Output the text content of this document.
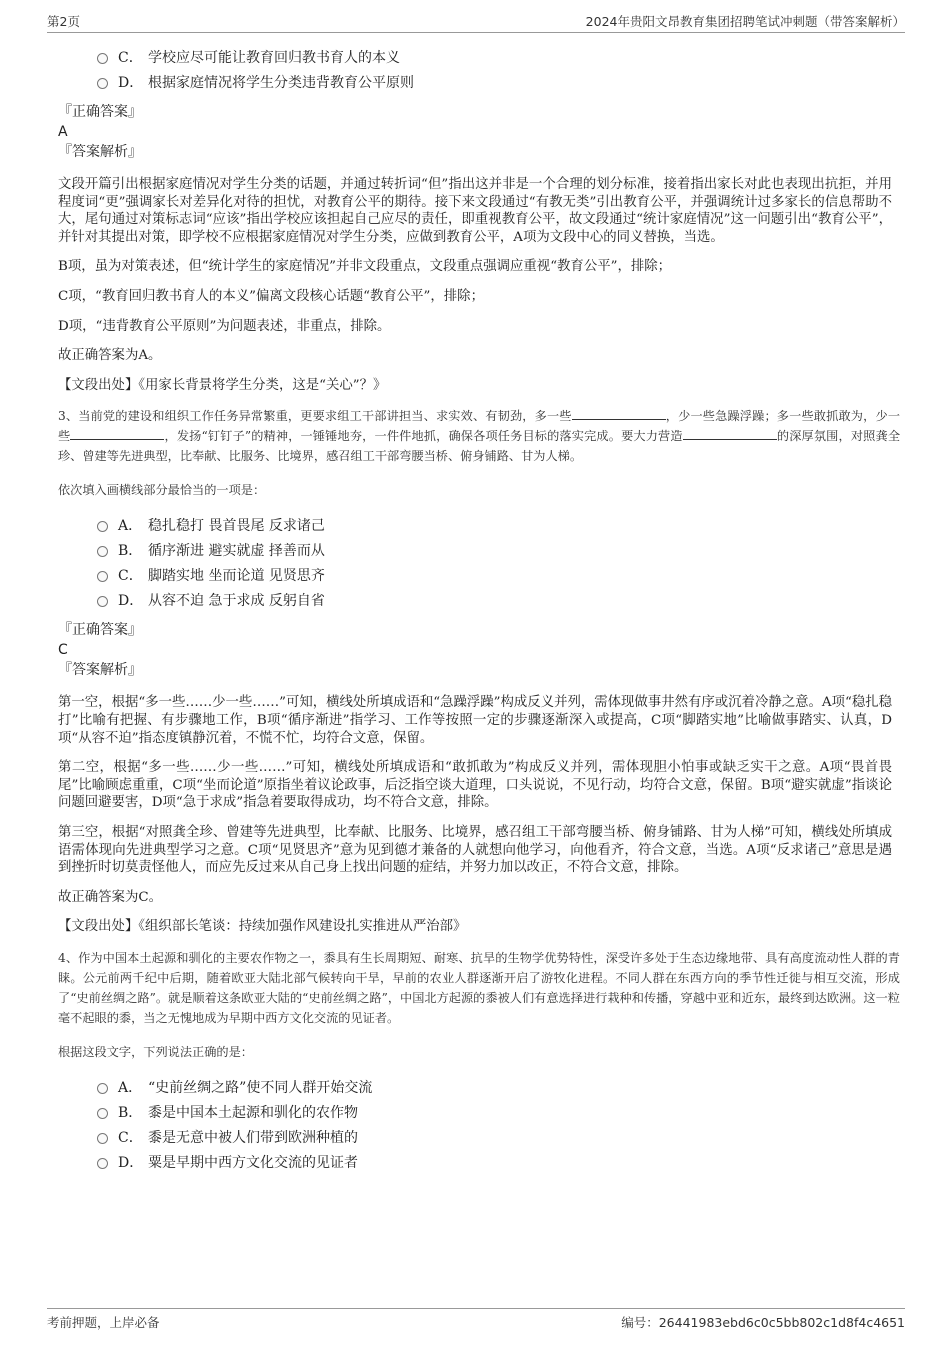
第2页	2024年贵阳文昂教育集团招聘笔试冲刺题（带答案解析）
C． 学校应尽可能让教育回归教书育人的本义
D． 根据家庭情况将学生分类违背教育公平原则
『正确答案』
A
『答案解析』

文段开篇引出根据家庭情况对学生分类的话题，并通过转折词“但”指出这并非是一个合理的划分标准，接着指出家长对此也表现出抗拒，并用程度词“更”强调家长对差异化对待的担忧，对教育公平的期待。接下来文段通过“有教无类”引出教育公平，并强调统计过多家长的信息帮助不大，尾句通过对策标志词“应该”指出学校应该担起自己应尽的责任，即重视教育公平，故文段通过“统计家庭情况”这一问题引出“教育公平”，并针对其提出对策，即学校不应根据家庭情况对学生分类，应做到教育公平，A项为文段中心的同义替换，当选。

B项，虽为对策表述，但“统计学生的家庭情况”并非文段重点，文段重点强调应重视“教育公平”，排除；

C项，“教育回归教书育人的本义”偏离文段核心话题“教育公平”，排除；

D项，“违背教育公平原则”为问题表述，非重点，排除。

故正确答案为A。

【文段出处】《用家长背景将学生分类，这是“关心”？》

3、当前党的建设和组织工作任务异常繁重，更要求组工干部讲担当、求实效、有韧劲，多一些	，少一些急躁浮躁；多一些敢抓敢为，少一些	，发扬“钉钉子”的精神，一锤锤地夯，一件件地抓，确保各项任务目标的落实完成。要大力营造	的深厚氛围，对照龚全珍、曾建等先进典型，比奉献、比服务、比境界，感召组工干部弯腰当桥、俯身铺路、甘为人梯。
依次填入画横线部分最恰当的一项是：
A． 稳扎稳打 畏首畏尾 反求诸己
B． 循序渐进 避实就虚 择善而从
C． 脚踏实地 坐而论道 见贤思齐
D． 从容不迫 急于求成 反躬自省
『正确答案』
C
『答案解析』

第一空，根据“多一些……少一些……”可知，横线处所填成语和“急躁浮躁”构成反义并列，需体现做事井然有序或沉着冷静之意。A项“稳扎稳打”比喻有把握、有步骤地工作，B项“循序渐进”指学习、工作等按照一定的步骤逐渐深入或提高，C项“脚踏实地”比喻做事踏实、认真，D项“从容不迫”指态度镇静沉着，不慌不忙，均符合文意，保留。

第二空，根据“多一些……少一些……”可知，横线处所填成语和“敢抓敢为”构成反义并列，需体现胆小怕事或缺乏实干之意。A项“畏首畏尾”比喻顾虑重重，C项“坐而论道”原指坐着议论政事，后泛指空谈大道理，口头说说，不见行动，均符合文意，保留。B项“避实就虚”指谈论问题回避要害，D项“急于求成”指急着要取得成功，均不符合文意，排除。

第三空，根据“对照龚全珍、曾建等先进典型，比奉献、比服务、比境界，感召组工干部弯腰当桥、俯身铺路、甘为人梯”可知，横线处所填成语需体现向先进典型学习之意。C项“见贤思齐”意为见到德才兼备的人就想向他学习，向他看齐，符合文意，当选。A项“反求诸己”意思是遇到挫折时切莫责怪他人，而应先反过来从自己身上找出问题的症结，并努力加以改正，不符合文意，排除。

故正确答案为C。

【文段出处】《组织部长笔谈：持续加强作风建设扎实推进从严治部》

4、作为中国本土起源和驯化的主要农作物之一，黍具有生长周期短、耐寒、抗旱的生物学优势特性，深受许多处于生态边缘地带、具有高度流动性人群的青睐。公元前两千纪中后期，随着欧亚大陆北部气候转向干旱，早前的农业人群逐渐开启了游牧化进程。不同人群在东西方向的季节性迁徙与相互交流，形成了“史前丝绸之路”。就是顺着这条欧亚大陆的“史前丝绸之路”，中国北方起源的黍被人们有意选择进行栽种和传播，穿越中亚和近东，最终到达欧洲。这一粒毫不起眼的黍，当之无愧地成为早期中西方文化交流的见证者。
根据这段文字，下列说法正确的是：
A． “史前丝绸之路”使不同人群开始交流
B． 黍是中国本土起源和驯化的农作物
C． 黍是无意中被人们带到欧洲种植的
D． 粟是早期中西方文化交流的见证者
考前押题，上岸必备	编号：26441983ebd6c0c5bb802c1d8f4c4651
